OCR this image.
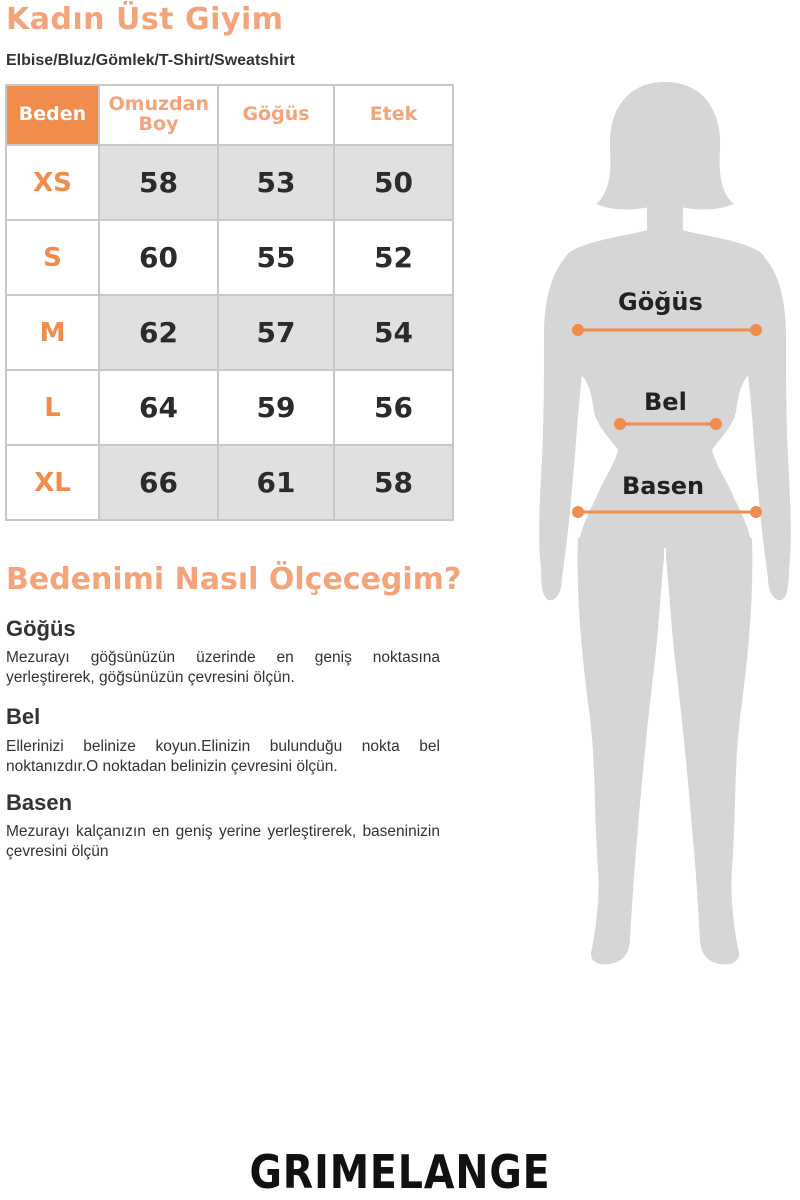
Kadın Üst Giyim
Elbise/Bluz/Gömlek/T-Shirt/Sweatshirt
Beden	Omuzdan Boy	Göğüs	Etek
XS	58	53	50
S	60	55	52
M	62	57	54
L	64	59	56
XL	66	61	58
Bedenimi Nasıl Ölçecegim?
Göğüs
Mezurayı göğsünüzün üzerinde en geniş noktasına yerleştirerek, göğsünüzün çevresini ölçün.
Bel
Ellerinizi belinize koyun.Elinizin bulunduğu nokta bel noktanızdır.O noktadan belinizin çevresini ölçün.
Basen
Mezurayı kalçanızın en geniş yerine yerleştirerek, baseninizin çevresini ölçün
Göğüs
Bel
Basen
GRIMELANGE
